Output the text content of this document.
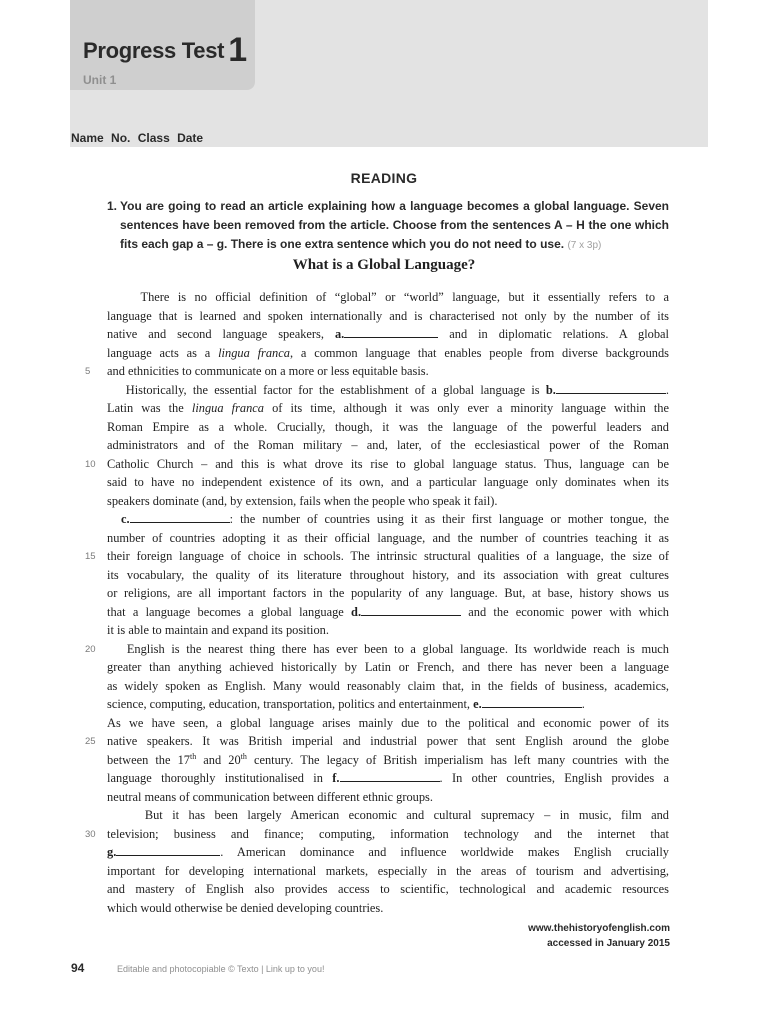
Progress Test 1
Unit 1
Name No. Class Date
READING
1. You are going to read an article explaining how a language becomes a global language. Seven sentences have been removed from the article. Choose from the sentences A – H the one which fits each gap a – g. There is one extra sentence which you do not need to use. (7 x 3p)
What is a Global Language?
There is no official definition of “global” or “world” language, but it essentially refers to a
language that is learned and spoken internationally and is characterised not only by the number of its
native and second language speakers, a.	and in diplomatic relations. A global
language acts as a lingua franca, a common language that enables people from diverse backgrounds
5 and ethnicities to communicate on a more or less equitable basis.
Historically, the essential factor for the establishment of a global language is b.	.
Latin was the lingua franca of its time, although it was only ever a minority language within the
Roman Empire as a whole. Crucially, though, it was the language of the powerful leaders and
administrators and of the Roman military – and, later, of the ecclesiastical power of the Roman
10 Catholic Church – and this is what drove its rise to global language status. Thus, language can be
said to have no independent existence of its own, and a particular language only dominates when its
speakers dominate (and, by extension, fails when the people who speak it fail).
c.	: the number of countries using it as their first language or mother tongue, the
number of countries adopting it as their official language, and the number of countries teaching it as
15 their foreign language of choice in schools. The intrinsic structural qualities of a language, the size of
its vocabulary, the quality of its literature throughout history, and its association with great cultures
or religions, are all important factors in the popularity of any language. But, at base, history shows us
that a language becomes a global language d.	and the economic power with which
it is able to maintain and expand its position.
20 English is the nearest thing there has ever been to a global language. Its worldwide reach is much
greater than anything achieved historically by Latin or French, and there has never been a language
as widely spoken as English. Many would reasonably claim that, in the fields of business, academics,
science, computing, education, transportation, politics and entertainment, e.	.
As we have seen, a global language arises mainly due to the political and economic power of its
25 native speakers. It was British imperial and industrial power that sent English around the globe
between the 17th and 20th century. The legacy of British imperialism has left many countries with the
language thoroughly institutionalised in f.	. In other countries, English provides a
neutral means of communication between different ethnic groups.
But it has been largely American economic and cultural supremacy – in music, film and
30 television; business and finance; computing, information technology and the internet that
g.	. American dominance and influence worldwide makes English crucially
important for developing international markets, especially in the areas of tourism and advertising,
and mastery of English also provides access to scientific, technological and academic resources
which would otherwise be denied developing countries.
www.thehistoryofenglish.com
accessed in January 2015
94	Editable and photocopiable © Texto | Link up to you!
